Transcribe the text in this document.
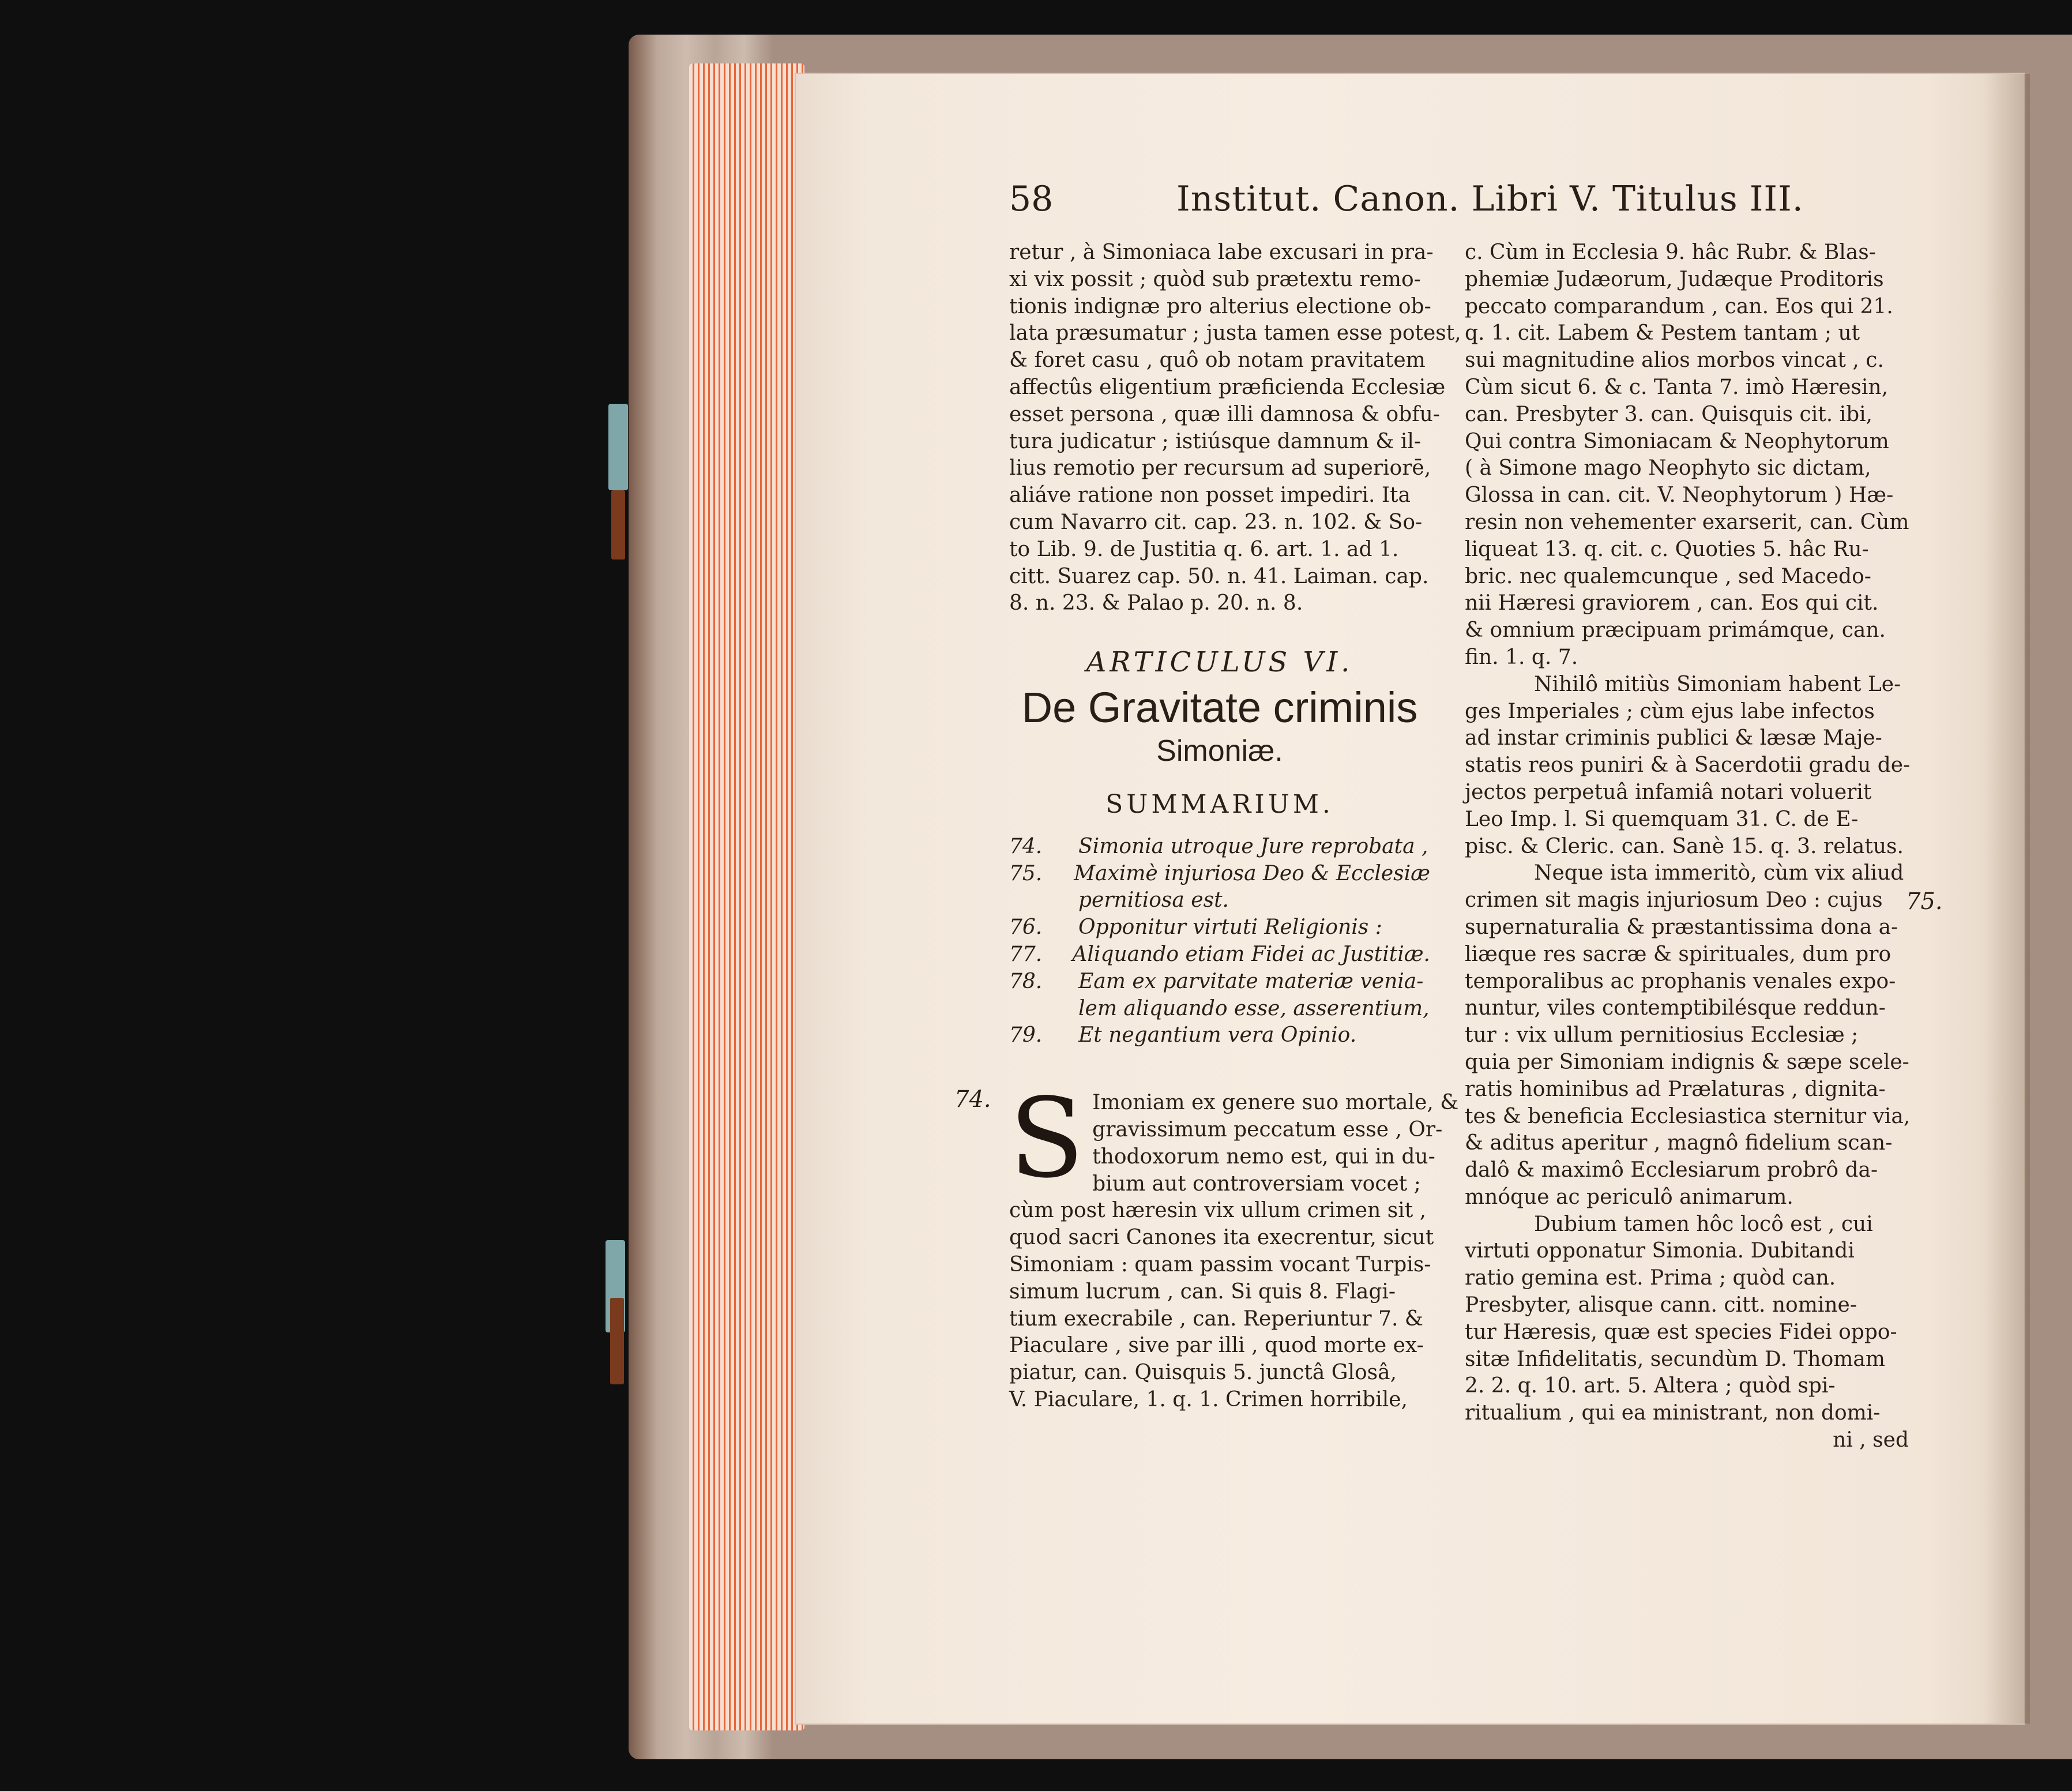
58	Institut. Canon. Libri V. Titulus III.

retur , à Simoniaca labe excusari in pra-

xi vix possit ; quòd sub prætextu remo-

tionis indignæ pro alterius electione ob-

lata præsumatur ; justa tamen esse potest,

& foret casu , quô ob notam pravitatem

affectûs eligentium præficienda Ecclesiæ

esset persona , quæ illi damnosa & obfu-

tura judicatur ; istiúsque damnum & il-

lius remotio per recursum ad superiorē,

aliáve ratione non posset impediri. Ita

cum Navarro cit. cap. 23. n. 102. & So-

to Lib. 9. de Justitia q. 6. art. 1. ad 1.

citt. Suarez cap. 50. n. 41. Laiman. cap.

8. n. 23. & Palao p. 20. n. 8.

ARTICULUS VI.
De Gravitate criminis
Simoniæ.
SUMMARIUM.
74.	Simonia utroque Jure reprobata ,
75.	Maximè injuriosa Deo & Ecclesiæ
pernitiosa est.
76.	Opponitur virtuti Religionis :
77.	Aliquando etiam Fidei ac Justitiæ.
78.	Eam ex parvitate materiæ venia-
lem aliquando esse, asserentium,
79.	Et negantium vera Opinio.
74. S Imoniam ex genere suo mortale, &

gravissimum peccatum esse , Or-

thodoxorum nemo est, qui in du-

bium aut controversiam vocet ;

cùm post hæresin vix ullum crimen sit ,

quod sacri Canones ita execrentur, sicut

Simoniam : quam passim vocant Turpis-

simum lucrum , can. Si quis 8. Flagi-

tium execrabile , can. Reperiuntur 7. &

Piaculare , sive par illi , quod morte ex-

piatur, can. Quisquis 5. junctâ Glosâ,

V. Piaculare, 1. q. 1. Crimen horribile,

c. Cùm in Ecclesia 9. hâc Rubr. & Blas-

phemiæ Judæorum, Judæque Proditoris

peccato comparandum , can. Eos qui 21.

q. 1. cit. Labem & Pestem tantam ; ut

sui magnitudine alios morbos vincat , c.

Cùm sicut 6. & c. Tanta 7. imò Hæresin,

can. Presbyter 3. can. Quisquis cit. ibi,

Qui contra Simoniacam & Neophytorum

( à Simone mago Neophyto sic dictam,

Glossa in can. cit. V. Neophytorum ) Hæ-

resin non vehementer exarserit, can. Cùm

liqueat 13. q. cit. c. Quoties 5. hâc Ru-

bric. nec qualemcunque , sed Macedo-

nii Hæresi graviorem , can. Eos qui cit.

& omnium præcipuam primámque, can.

fin. 1. q. 7.

Nihilô mitiùs Simoniam habent Le-

ges Imperiales ; cùm ejus labe infectos

ad instar criminis publici & læsæ Maje-

statis reos puniri & à Sacerdotii gradu de-

jectos perpetuâ infamiâ notari voluerit

Leo Imp. l. Si quemquam 31. C. de E-

pisc. & Cleric. can. Sanè 15. q. 3. relatus.

Neque ista immeritò, cùm vix aliud

crimen sit magis injuriosum Deo : cujus

supernaturalia & præstantissima dona a-

liæque res sacræ & spirituales, dum pro

temporalibus ac prophanis venales expo-

nuntur, viles contemptibilésque reddun-

tur : vix ullum pernitiosius Ecclesiæ ;

quia per Simoniam indignis & sæpe scele-

ratis hominibus ad Prælaturas , dignita-

tes & beneficia Ecclesiastica sternitur via,

& aditus aperitur , magnô fidelium scan-

dalô & maximô Ecclesiarum probrô da-

mnóque ac periculô animarum.

Dubium tamen hôc locô est , cui

virtuti opponatur Simonia. Dubitandi

ratio gemina est. Prima ; quòd can.

Presbyter, alisque cann. citt. nomine-

tur Hæresis, quæ est species Fidei oppo-

sitæ Infidelitatis, secundùm D. Thomam

2. 2. q. 10. art. 5. Altera ; quòd spi-

ritualium , qui ea ministrant, non domi-

ni , sed

75.
